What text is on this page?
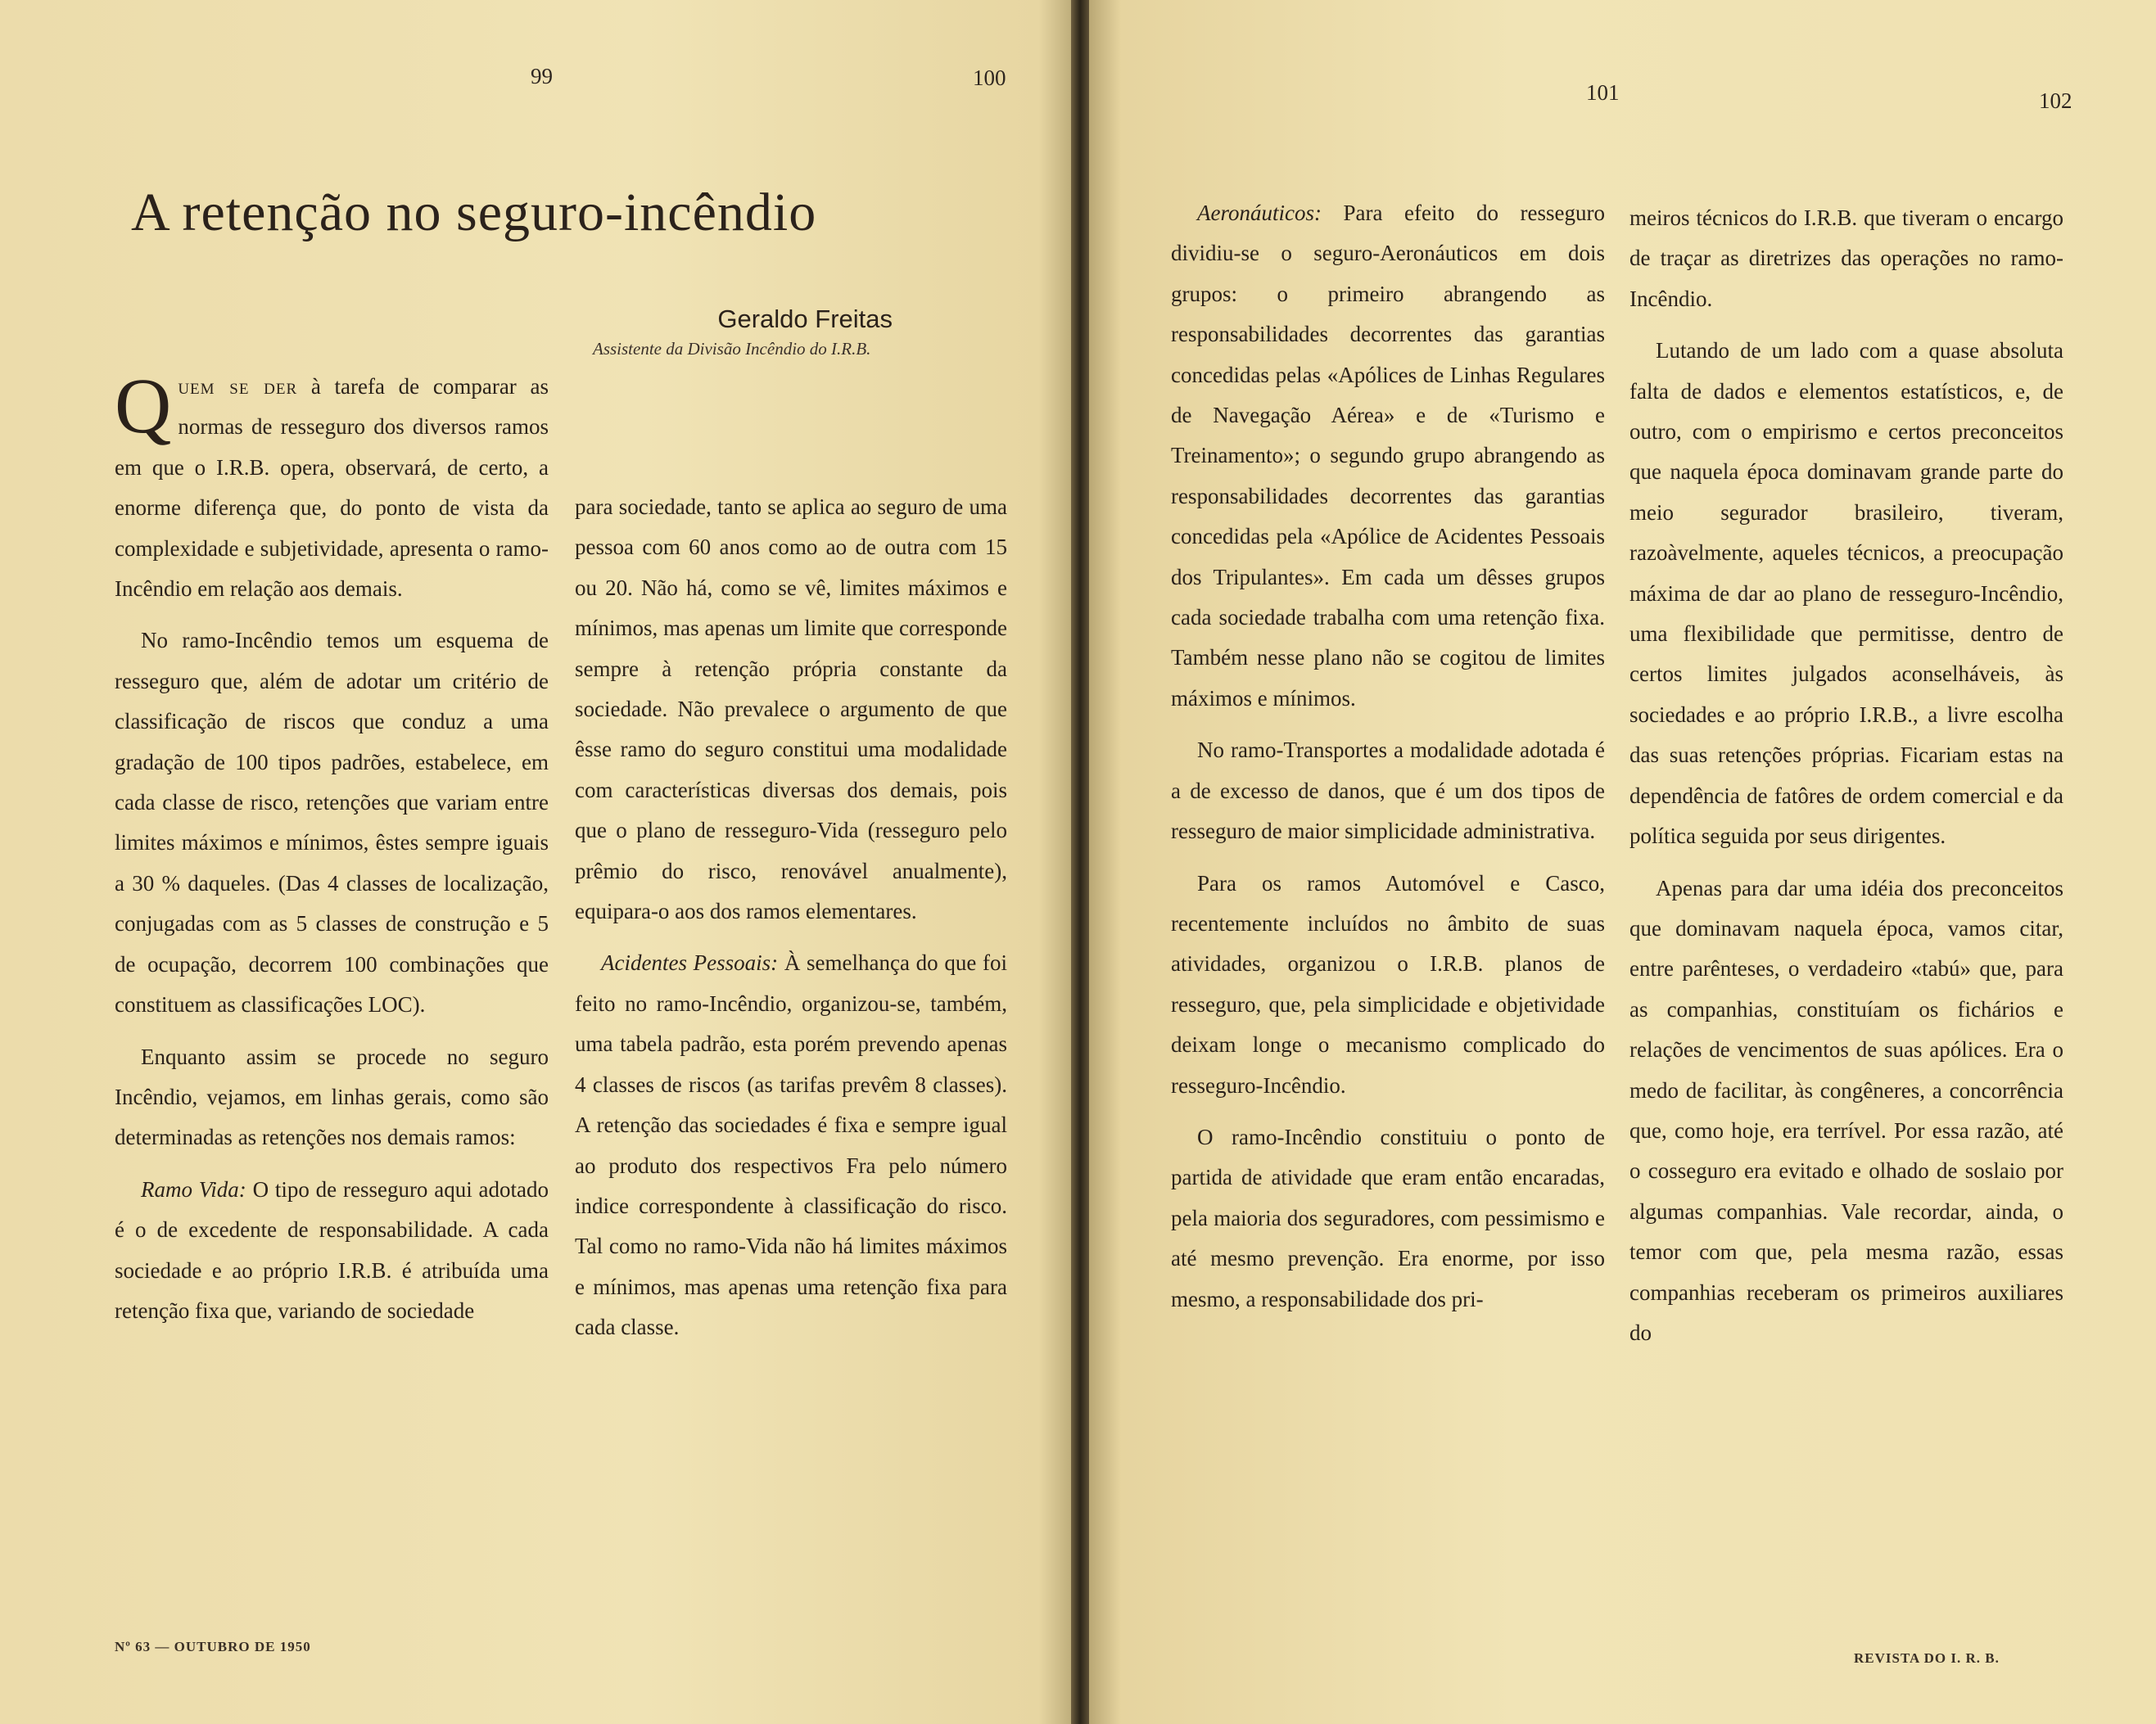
99	100
A retenção no seguro-incêndio
Geraldo Freitas
Assistente da Divisão Incêndio do I.R.B.

Quem se der à tarefa de comparar as normas de resseguro dos diversos ramos em que o I.R.B. opera, observará, de certo, a enorme diferença que, do ponto de vista da complexidade e subjetividade, apresenta o ramo-Incêndio em relação aos demais.

No ramo-Incêndio temos um esquema de resseguro que, além de adotar um critério de classificação de riscos que conduz a uma gradação de 100 tipos padrões, estabelece, em cada classe de risco, retenções que variam entre limites máximos e mínimos, êstes sempre iguais a 30 % daqueles. (Das 4 classes de localização, conjugadas com as 5 classes de construção e 5 de ocupação, decorrem 100 combinações que constituem as classificações LOC).

Enquanto assim se procede no seguro Incêndio, vejamos, em linhas gerais, como são determinadas as retenções nos demais ramos:

Ramo Vida: O tipo de resseguro aqui adotado é o de excedente de responsabilidade. A cada sociedade e ao próprio I.R.B. é atribuída uma retenção fixa que, variando de sociedade

para sociedade, tanto se aplica ao seguro de uma pessoa com 60 anos como ao de outra com 15 ou 20. Não há, como se vê, limites máximos e mínimos, mas apenas um limite que corresponde sempre à retenção própria constante da sociedade. Não prevalece o argumento de que êsse ramo do seguro constitui uma modalidade com características diversas dos demais, pois que o plano de resseguro-Vida (resseguro pelo prêmio do risco, renovável anualmente), equipara-o aos dos ramos elementares.

Acidentes Pessoais: À semelhança do que foi feito no ramo-Incêndio, organizou-se, também, uma tabela padrão, esta porém prevendo apenas 4 classes de riscos (as tarifas prevêm 8 classes). A retenção das sociedades é fixa e sempre igual ao produto dos respectivos Fra pelo número indice correspondente à classificação do risco. Tal como no ramo-Vida não há limites máximos e mínimos, mas apenas uma retenção fixa para cada classe.

Nº 63 — OUTUBRO DE 1950
101	102

Aeronáuticos: Para efeito do resseguro dividiu-se o seguro-Aeronáuticos em dois grupos: o primeiro abrangendo as responsabilidades decorrentes das garantias concedidas pelas «Apólices de Linhas Regulares de Navegação Aérea» e de «Turismo e Treinamento»; o segundo grupo abrangendo as responsabilidades decorrentes das garantias concedidas pela «Apólice de Acidentes Pessoais dos Tripulantes». Em cada um dêsses grupos cada sociedade trabalha com uma retenção fixa. Também nesse plano não se cogitou de limites máximos e mínimos.

No ramo-Transportes a modalidade adotada é a de excesso de danos, que é um dos tipos de resseguro de maior simplicidade administrativa.

Para os ramos Automóvel e Casco, recentemente incluídos no âmbito de suas atividades, organizou o I.R.B. planos de resseguro, que, pela simplicidade e objetividade deixam longe o mecanismo complicado do resseguro-Incêndio.

O ramo-Incêndio constituiu o ponto de partida de atividade que eram então encaradas, pela maioria dos seguradores, com pessimismo e até mesmo prevenção. Era enorme, por isso mesmo, a responsabilidade dos pri-

meiros técnicos do I.R.B. que tiveram o encargo de traçar as diretrizes das operações no ramo-Incêndio.

Lutando de um lado com a quase absoluta falta de dados e elementos estatísticos, e, de outro, com o empirismo e certos preconceitos que naquela época dominavam grande parte do meio segurador brasileiro, tiveram, razoàvelmente, aqueles técnicos, a preocupação máxima de dar ao plano de resseguro-Incêndio, uma flexibilidade que permitisse, dentro de certos limites julgados aconselháveis, às sociedades e ao próprio I.R.B., a livre escolha das suas retenções próprias. Ficariam estas na dependência de fatôres de ordem comercial e da política seguida por seus dirigentes.

Apenas para dar uma idéia dos preconceitos que dominavam naquela época, vamos citar, entre parênteses, o verdadeiro «tabú» que, para as companhias, constituíam os fichários e relações de vencimentos de suas apólices. Era o medo de facilitar, às congêneres, a concorrência que, como hoje, era terrível. Por essa razão, até o cosseguro era evitado e olhado de soslaio por algumas companhias. Vale recordar, ainda, o temor com que, pela mesma razão, essas companhias receberam os primeiros auxiliares do

REVISTA DO I. R. B.
